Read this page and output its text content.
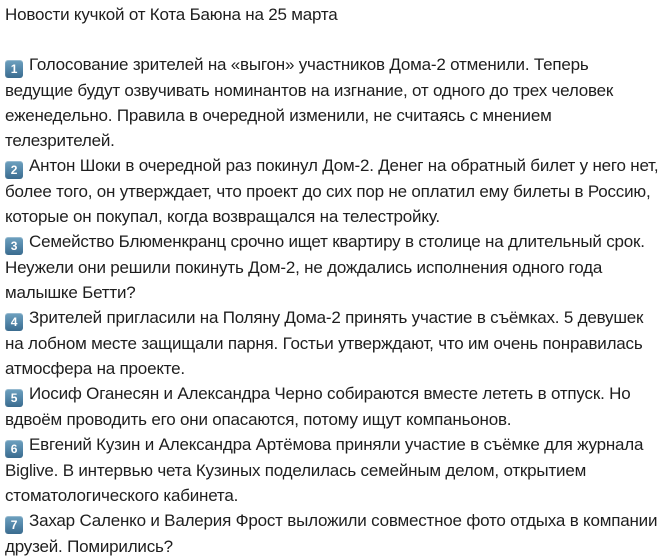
Новости кучкой от Кота Баюна на 25 марта

1 Голосование зрителей на «выгон» участников Дома-2 отменили. Теперь ведущие будут озвучивать номинантов на изгнание, от одного до трех человек еженедельно. Правила в очередной изменили, не считаясь с мнением телезрителей.

2 Антон Шоки в очередной раз покинул Дом-2. Денег на обратный билет у него нет, более того, он утверждает, что проект до сих пор не оплатил ему билеты в Россию, которые он покупал, когда возвращался на телестройку.

3 Семейство Блюменкранц срочно ищет квартиру в столице на длительный срок. Неужели они решили покинуть Дом-2, не дождались исполнения одного года малышке Бетти?

4 Зрителей пригласили на Поляну Дома-2 принять участие в съёмках. 5 девушек на лобном месте защищали парня. Гостьи утверждают, что им очень понравилась атмосфера на проекте.

5 Иосиф Оганесян и Александра Черно собираются вместе лететь в отпуск. Но вдвоём проводить его они опасаются, потому ищут компаньонов.

6 Евгений Кузин и Александра Артёмова приняли участие в съёмке для журнала Biglive. В интервью чета Кузиных поделилась семейным делом, открытием стоматологического кабинета.

7 Захар Саленко и Валерия Фрост выложили совместное фото отдыха в компании друзей. Помирились?
